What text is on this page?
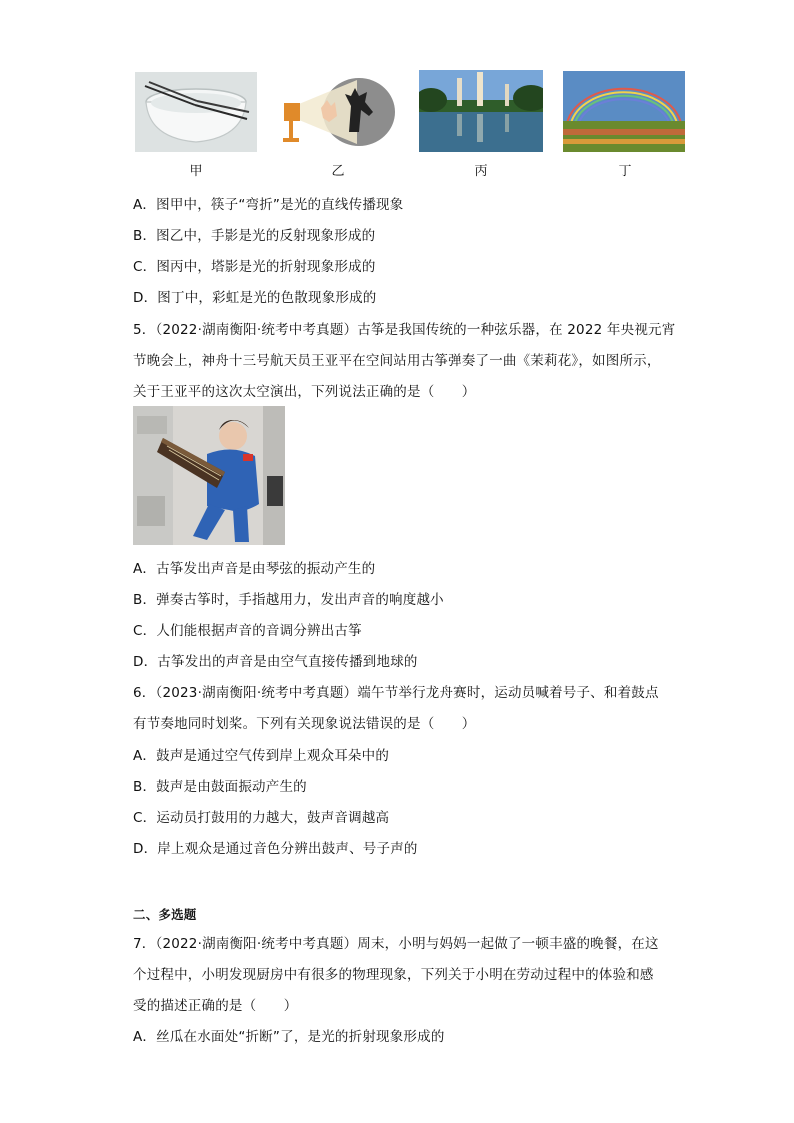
甲	乙	丙	丁
A．图甲中，筷子“弯折”是光的直线传播现象
B．图乙中，手影是光的反射现象形成的
C．图丙中，塔影是光的折射现象形成的
D．图丁中，彩虹是光的色散现象形成的
5．（2022·湖南衡阳·统考中考真题）古筝是我国传统的一种弦乐器，在 2022 年央视元宵
节晚会上，神舟十三号航天员王亚平在空间站用古筝弹奏了一曲《茉莉花》，如图所示，
关于王亚平的这次太空演出，下列说法正确的是（　　）
A．古筝发出声音是由琴弦的振动产生的
B．弹奏古筝时，手指越用力，发出声音的响度越小
C．人们能根据声音的音调分辨出古筝
D．古筝发出的声音是由空气直接传播到地球的
6．（2023·湖南衡阳·统考中考真题）端午节举行龙舟赛时，运动员喊着号子、和着鼓点
有节奏地同时划桨。下列有关现象说法错误的是（　　）
A．鼓声是通过空气传到岸上观众耳朵中的
B．鼓声是由鼓面振动产生的
C．运动员打鼓用的力越大，鼓声音调越高
D．岸上观众是通过音色分辨出鼓声、号子声的
二、多选题
7．（2022·湖南衡阳·统考中考真题）周末，小明与妈妈一起做了一顿丰盛的晚餐，在这
个过程中，小明发现厨房中有很多的物理现象，下列关于小明在劳动过程中的体验和感
受的描述正确的是（　　）
A．丝瓜在水面处“折断”了，是光的折射现象形成的
